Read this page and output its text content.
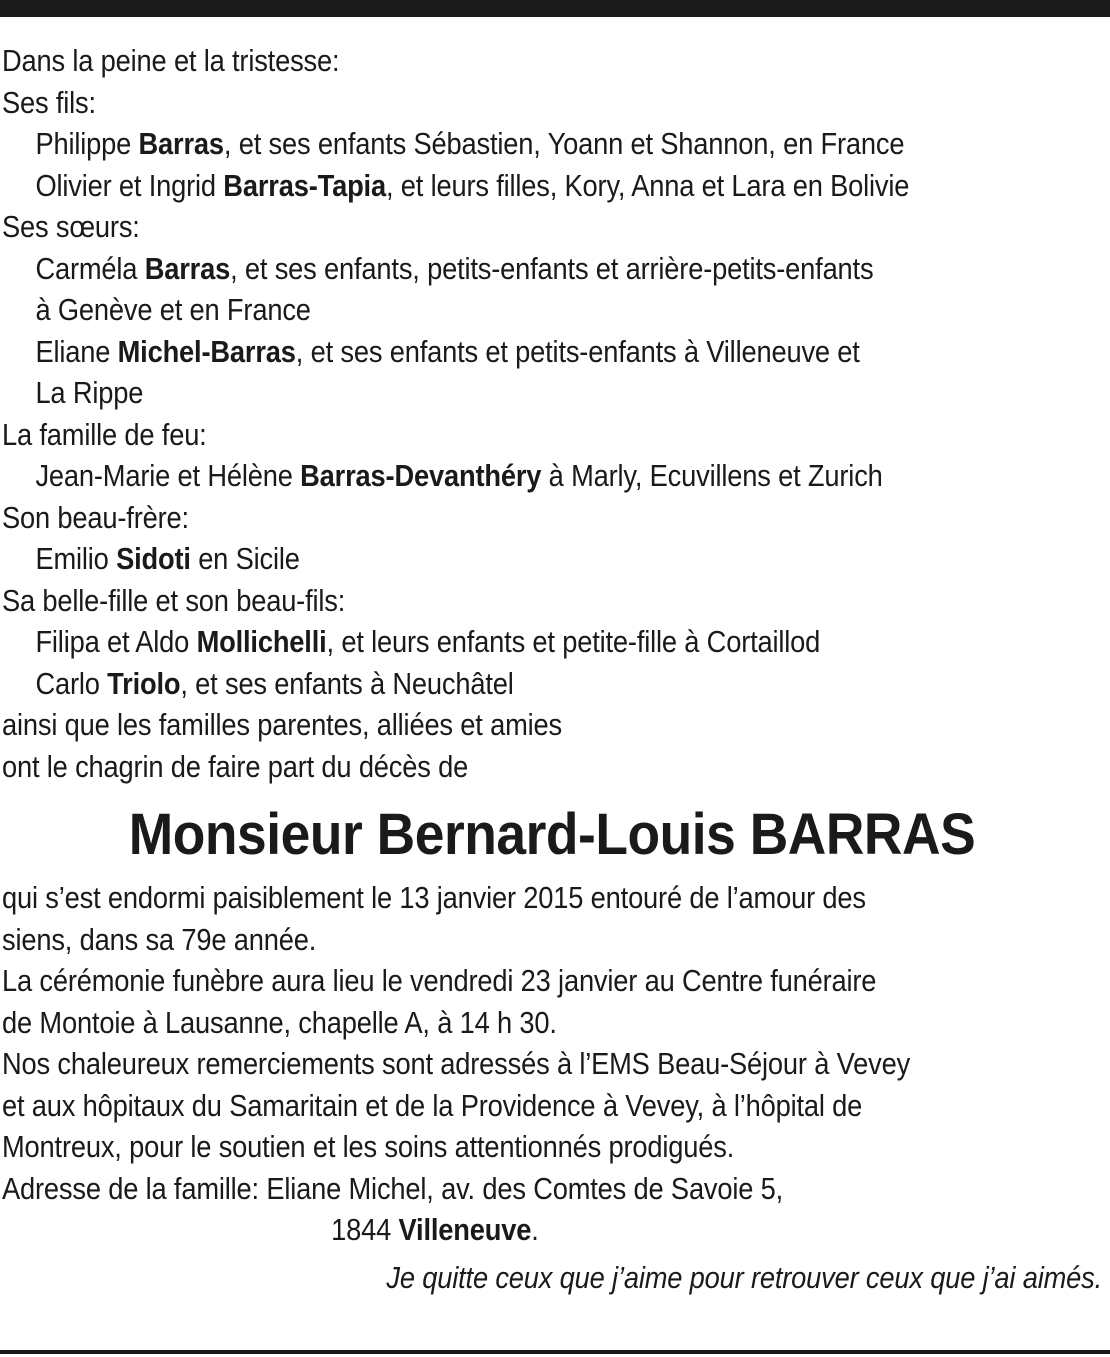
Dans la peine et la tristesse:
Ses fils:
Philippe Barras, et ses enfants Sébastien, Yoann et Shannon, en France
Olivier et Ingrid Barras-Tapia, et leurs filles, Kory, Anna et Lara en Bolivie
Ses sœurs:
Carméla Barras, et ses enfants, petits-enfants et arrière-petits-enfants
à Genève et en France
Eliane Michel-Barras, et ses enfants et petits-enfants à Villeneuve et
La Rippe
La famille de feu:
Jean-Marie et Hélène Barras-Devanthéry à Marly, Ecuvillens et Zurich
Son beau-frère:
Emilio Sidoti en Sicile
Sa belle-fille et son beau-fils:
Filipa et Aldo Mollichelli, et leurs enfants et petite-fille à Cortaillod
Carlo Triolo, et ses enfants à Neuchâtel
ainsi que les familles parentes, alliées et amies
ont le chagrin de faire part du décès de
Monsieur Bernard-Louis BARRAS
qui s’est endormi paisiblement le 13 janvier 2015 entouré de l’amour des
siens, dans sa 79e année.
La cérémonie funèbre aura lieu le vendredi 23 janvier au Centre funéraire
de Montoie à Lausanne, chapelle A, à 14 h 30.
Nos chaleureux remerciements sont adressés à l’EMS Beau-Séjour à Vevey
et aux hôpitaux du Samaritain et de la Providence à Vevey, à l’hôpital de
Montreux, pour le soutien et les soins attentionnés prodigués.
Adresse de la famille: Eliane Michel, av. des Comtes de Savoie 5,
1844 Villeneuve.
Je quitte ceux que j’aime pour retrouver ceux que j’ai aimés.
